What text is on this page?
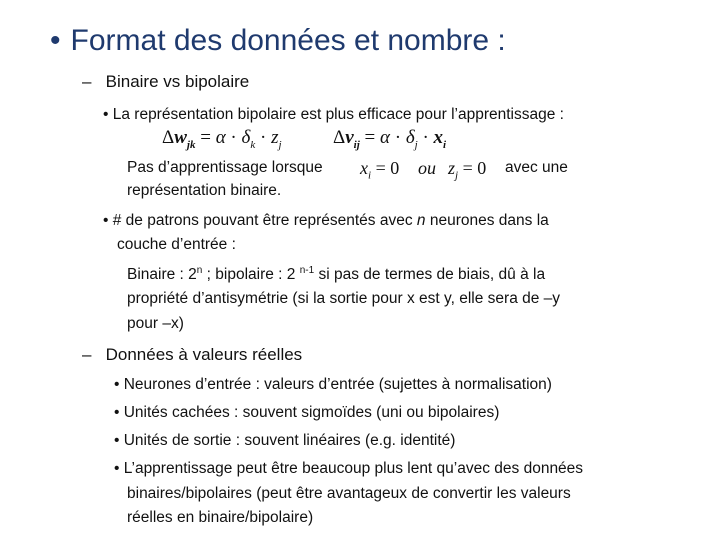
• Format des données et nombre :
–   Binaire vs bipolaire
• La représentation bipolaire est plus efficace pour l’apprentissage :
$\Delta w_{jk} = \alpha \cdot \delta_k \cdot z_j$	$\Delta v_{ij} = \alpha \cdot \delta_j \cdot x_i$
Pas d’apprentissage lorsque $x_i = 0$ ou $z_j = 0$ avec une
représentation binaire.
• # de patrons pouvant être représentés avec n neurones dans la
couche d’entrée :
Binaire : 2$^n$ ; bipolaire : 2 $^{n-1}$ si pas de termes de biais, dû à la
propriété d’antisymétrie (si la sortie pour x est y, elle sera de –y
pour –x)
–   Données à valeurs réelles
• Neurones d’entrée : valeurs d’entrée (sujettes à normalisation)
• Unités cachées : souvent sigmoïdes (uni ou bipolaires)
• Unités de sortie : souvent linéaires (e.g. identité)
• L’apprentissage peut être beaucoup plus lent qu’avec des données
binaires/bipolaires (peut être avantageux de convertir les valeurs
réelles en binaire/bipolaire)
